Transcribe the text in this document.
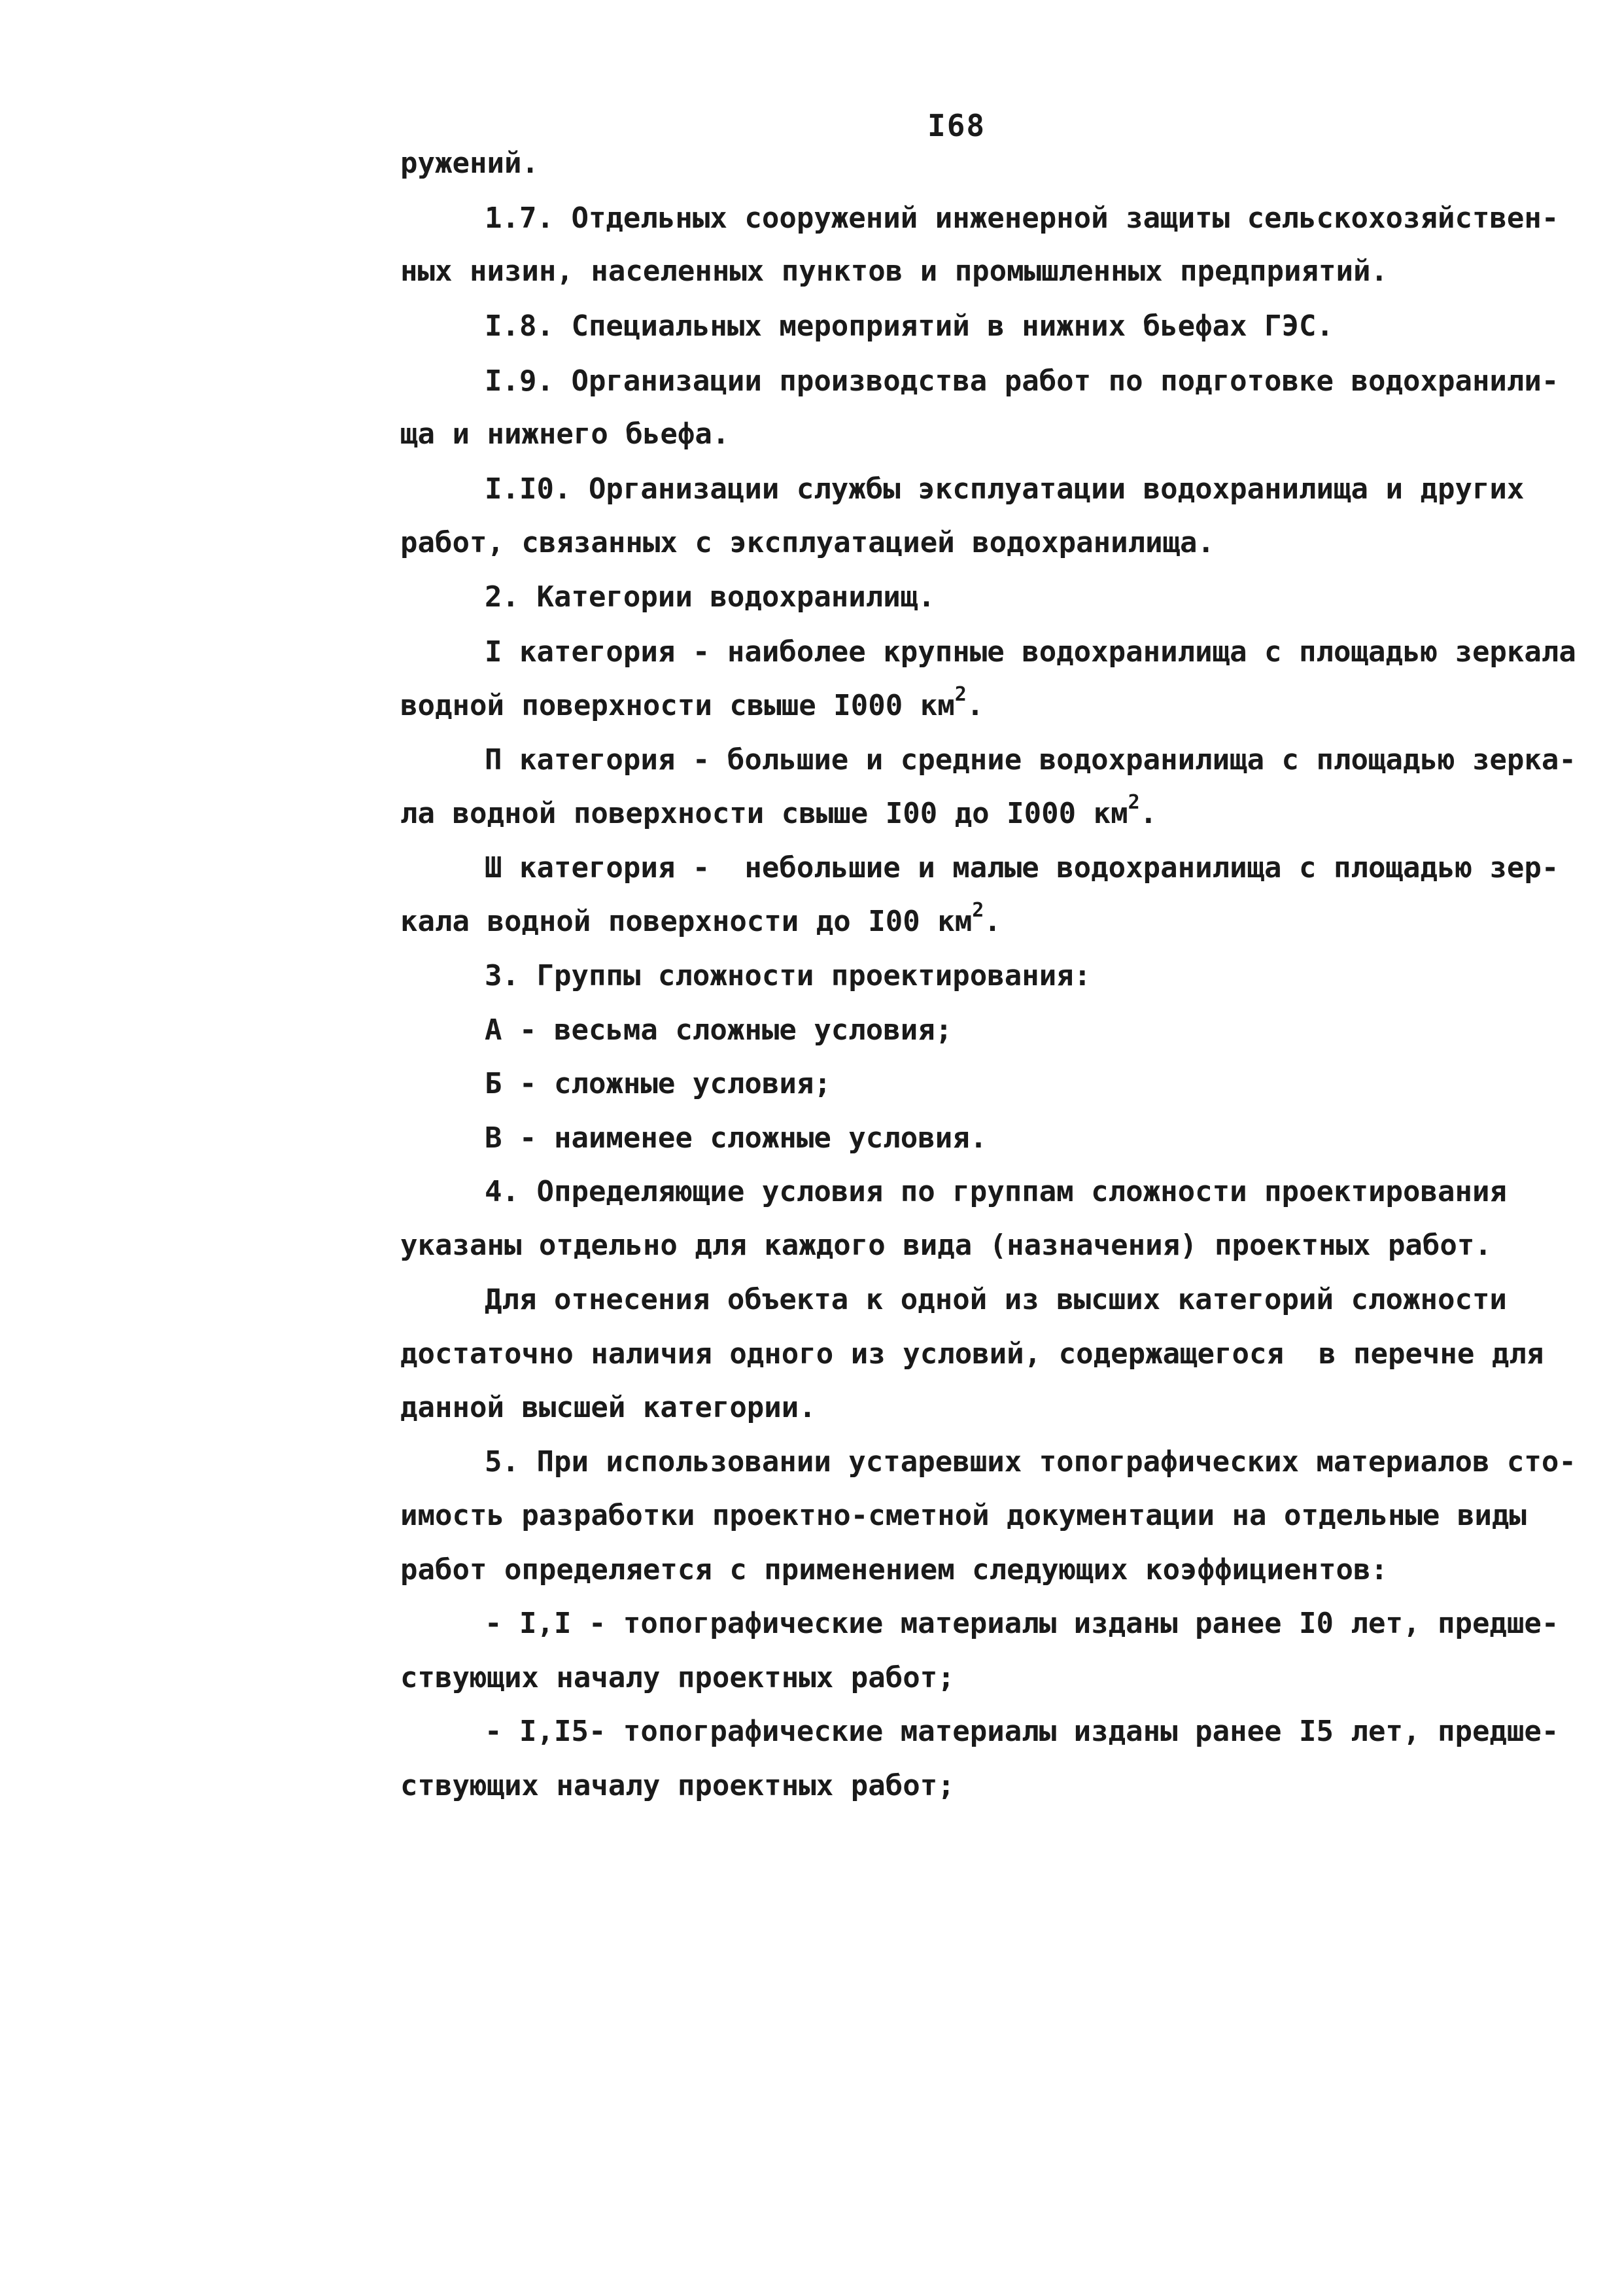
I68
ружений.
1.7. Отдельных сооружений инженерной защиты сельскохозяйствен-
ных низин, населенных пунктов и промышленных предприятий.
I.8. Специальных мероприятий в нижних бьефах ГЭС.
I.9. Организации производства работ по подготовке водохранили-
ща и нижнего бьефа.
I.I0. Организации службы эксплуатации водохранилища и других
работ, связанных с эксплуатацией водохранилища.
2. Категории водохранилищ.
I категория - наиболее крупные водохранилища с площадью зеркала
водной поверхности свыше I000 $км^2$.
П категория - большие и средние водохранилища с площадью зерка-
ла водной поверхности свыше I00 до I000 $км^2$.
Ш категория -  небольшие и малые водохранилища с площадью зер-
кала водной поверхности до I00 $км^2$.
3. Группы сложности проектирования:
А - весьма сложные условия;
Б - сложные условия;
В - наименее сложные условия.
4. Определяющие условия по группам сложности проектирования
указаны отдельно для каждого вида (назначения) проектных работ.
Для отнесения объекта к одной из высших категорий сложности
достаточно наличия одного из условий, содержащегося  в перечне для
данной высшей категории.
5. При использовании устаревших топографических материалов сто-
имость разработки проектно-сметной документации на отдельные виды
работ определяется с применением следующих коэффициентов:
- I,I - топографические материалы изданы ранее I0 лет, предше-
ствующих началу проектных работ;
- I,I5- топографические материалы изданы ранее I5 лет, предше-
ствующих началу проектных работ;
